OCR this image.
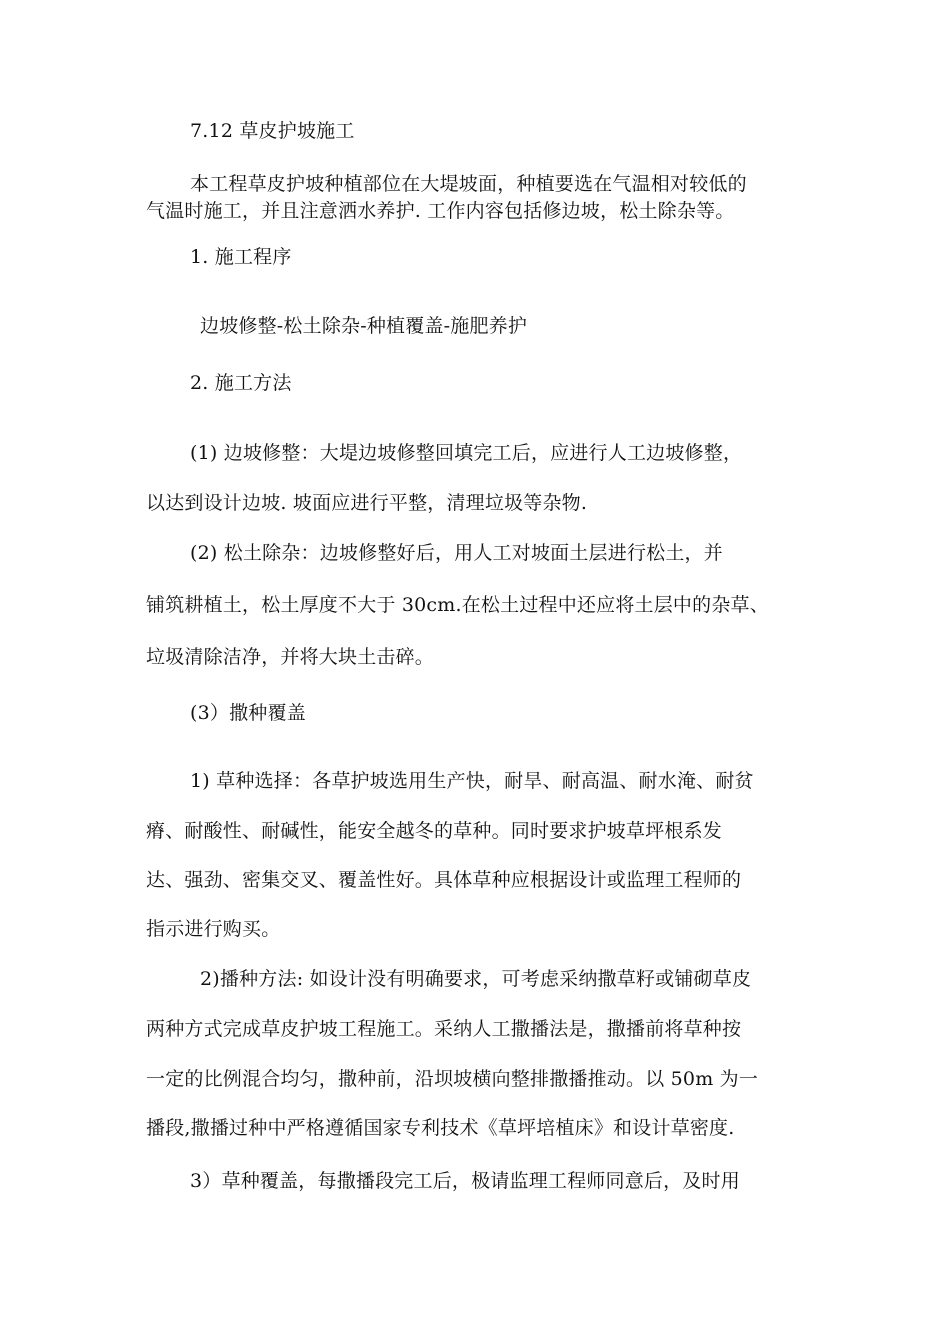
7.12 草皮护坡施工
本工程草皮护坡种植部位在大堤坡面，种植要选在气温相对较低的
气温时施工，并且注意洒水养护. 工作内容包括修边坡，松土除杂等。
1. 施工程序
边坡修整-松土除杂-种植覆盖-施肥养护
2. 施工方法
(1) 边坡修整：大堤边坡修整回填完工后，应进行人工边坡修整，
以达到设计边坡. 坡面应进行平整，清理垃圾等杂物.
(2) 松土除杂：边坡修整好后，用人工对坡面土层进行松土，并
铺筑耕植土，松土厚度不大于 30cm.在松土过程中还应将土层中的杂草、
垃圾清除洁净，并将大块土击碎。
(3）撒种覆盖
1) 草种选择：各草护坡选用生产快，耐旱、耐高温、耐水淹、耐贫
瘠、耐酸性、耐碱性，能安全越冬的草种。同时要求护坡草坪根系发
达、强劲、密集交叉、覆盖性好。具体草种应根据设计或监理工程师的
指示进行购买。
2)播种方法: 如设计没有明确要求，可考虑采纳撒草籽或铺砌草皮
两种方式完成草皮护坡工程施工。采纳人工撒播法是，撒播前将草种按
一定的比例混合均匀，撒种前，沿坝坡横向整排撒播推动。以 50m 为一
播段,撒播过种中严格遵循国家专利技术《草坪培植床》和设计草密度.
3）草种覆盖，每撒播段完工后，极请监理工程师同意后，及时用
